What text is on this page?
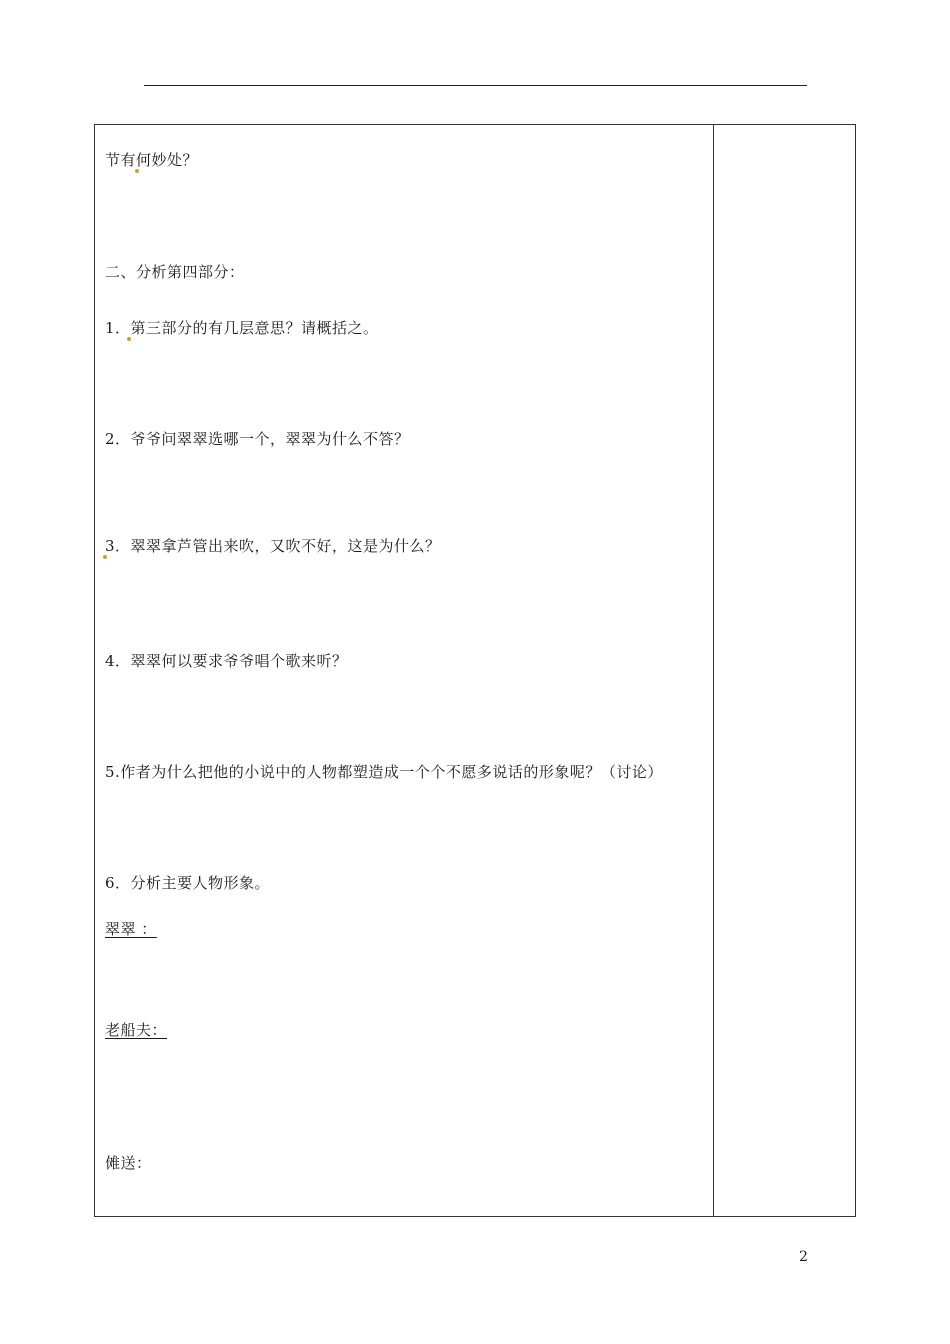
节有何妙处？
二、分析第四部分：
1．第三部分的有几层意思？请概括之。
2．爷爷问翠翠选哪一个，翠翠为什么不答？
3．翠翠拿芦管出来吹，又吹不好，这是为什么？
4．翠翠何以要求爷爷唱个歌来听？
5.作者为什么把他的小说中的人物都塑造成一个个不愿多说话的形象呢？（讨论）
6．分析主要人物形象。
翠翠 ：
老船夫：
傩送：
2
